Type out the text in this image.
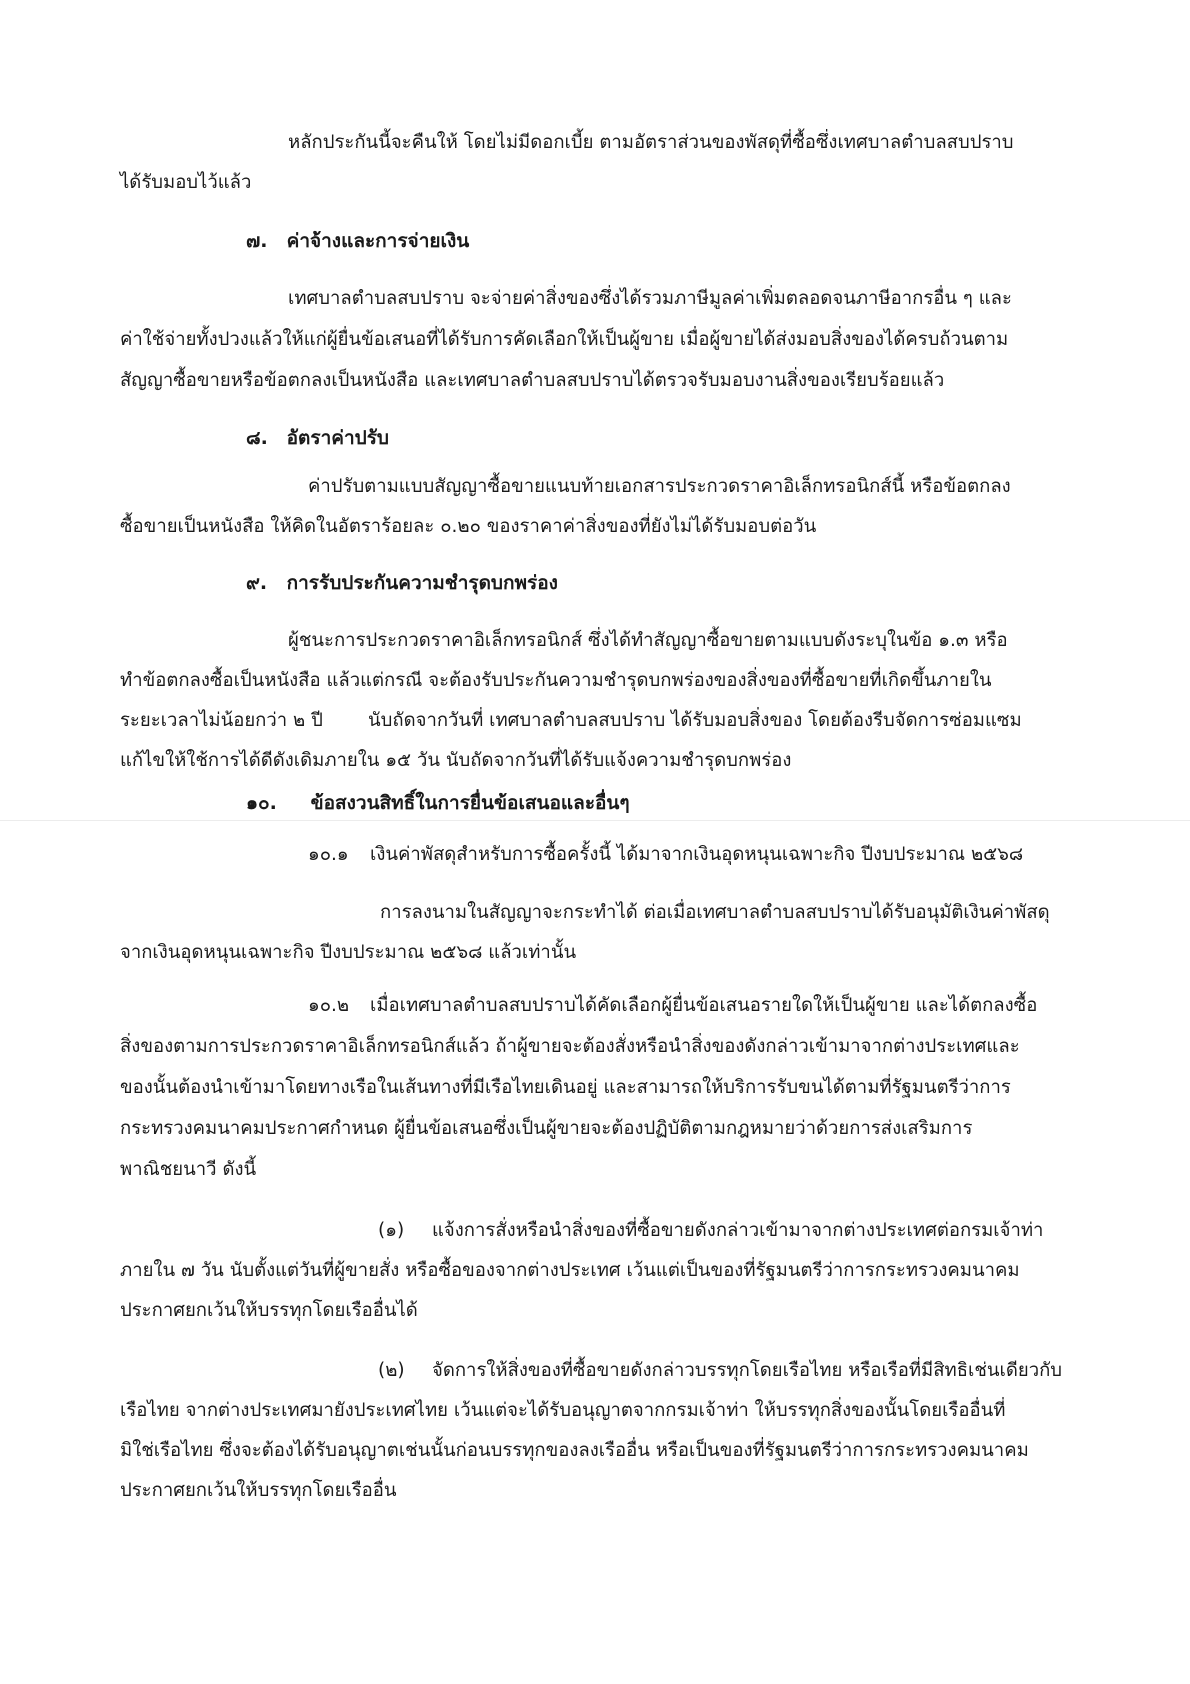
หลักประกันนี้จะคืนให้ โดยไม่มีดอกเบี้ย ตามอัตราส่วนของพัสดุที่ซื้อซึ่งเทศบาลตำบลสบปราบ
ได้รับมอบไว้แล้ว
๗. ค่าจ้างและการจ่ายเงิน
เทศบาลตำบลสบปราบ จะจ่ายค่าสิ่งของซึ่งได้รวมภาษีมูลค่าเพิ่มตลอดจนภาษีอากรอื่น ๆ และ
ค่าใช้จ่ายทั้งปวงแล้วให้แก่ผู้ยื่นข้อเสนอที่ได้รับการคัดเลือกให้เป็นผู้ขาย เมื่อผู้ขายได้ส่งมอบสิ่งของได้ครบถ้วนตาม
สัญญาซื้อขายหรือข้อตกลงเป็นหนังสือ และเทศบาลตำบลสบปราบได้ตรวจรับมอบงานสิ่งของเรียบร้อยแล้ว
๘. อัตราค่าปรับ
ค่าปรับตามแบบสัญญาซื้อขายแนบท้ายเอกสารประกวดราคาอิเล็กทรอนิกส์นี้ หรือข้อตกลง
ซื้อขายเป็นหนังสือ ให้คิดในอัตราร้อยละ ๐.๒๐ ของราคาค่าสิ่งของที่ยังไม่ได้รับมอบต่อวัน
๙. การรับประกันความชำรุดบกพร่อง
ผู้ชนะการประกวดราคาอิเล็กทรอนิกส์ ซึ่งได้ทำสัญญาซื้อขายตามแบบดังระบุในข้อ ๑.๓ หรือ
ทำข้อตกลงซื้อเป็นหนังสือ แล้วแต่กรณี จะต้องรับประกันความชำรุดบกพร่องของสิ่งของที่ซื้อขายที่เกิดขึ้นภายใน
ระยะเวลาไม่น้อยกว่า ๒ ปี นับถัดจากวันที่ เทศบาลตำบลสบปราบ ได้รับมอบสิ่งของ โดยต้องรีบจัดการซ่อมแซม
แก้ไขให้ใช้การได้ดีดังเดิมภายใน ๑๕ วัน นับถัดจากวันที่ได้รับแจ้งความชำรุดบกพร่อง
๑๐. ข้อสงวนสิทธิ์ในการยื่นข้อเสนอและอื่นๆ
๑๐.๑ เงินค่าพัสดุสำหรับการซื้อครั้งนี้ ได้มาจากเงินอุดหนุนเฉพาะกิจ ปีงบประมาณ ๒๕๖๘
การลงนามในสัญญาจะกระทำได้ ต่อเมื่อเทศบาลตำบลสบปราบได้รับอนุมัติเงินค่าพัสดุ
จากเงินอุดหนุนเฉพาะกิจ ปีงบประมาณ ๒๕๖๘ แล้วเท่านั้น
๑๐.๒ เมื่อเทศบาลตำบลสบปราบได้คัดเลือกผู้ยื่นข้อเสนอรายใดให้เป็นผู้ขาย และได้ตกลงซื้อ
สิ่งของตามการประกวดราคาอิเล็กทรอนิกส์แล้ว ถ้าผู้ขายจะต้องสั่งหรือนำสิ่งของดังกล่าวเข้ามาจากต่างประเทศและ
ของนั้นต้องนำเข้ามาโดยทางเรือในเส้นทางที่มีเรือไทยเดินอยู่ และสามารถให้บริการรับขนได้ตามที่รัฐมนตรีว่าการ
กระทรวงคมนาคมประกาศกำหนด ผู้ยื่นข้อเสนอซึ่งเป็นผู้ขายจะต้องปฏิบัติตามกฎหมายว่าด้วยการส่งเสริมการ
พาณิชยนาวี ดังนี้
(๑) แจ้งการสั่งหรือนำสิ่งของที่ซื้อขายดังกล่าวเข้ามาจากต่างประเทศต่อกรมเจ้าท่า
ภายใน ๗ วัน นับตั้งแต่วันที่ผู้ขายสั่ง หรือซื้อของจากต่างประเทศ เว้นแต่เป็นของที่รัฐมนตรีว่าการกระทรวงคมนาคม
ประกาศยกเว้นให้บรรทุกโดยเรืออื่นได้
(๒) จัดการให้สิ่งของที่ซื้อขายดังกล่าวบรรทุกโดยเรือไทย หรือเรือที่มีสิทธิเช่นเดียวกับ
เรือไทย จากต่างประเทศมายังประเทศไทย เว้นแต่จะได้รับอนุญาตจากกรมเจ้าท่า ให้บรรทุกสิ่งของนั้นโดยเรืออื่นที่
มิใช่เรือไทย ซึ่งจะต้องได้รับอนุญาตเช่นนั้นก่อนบรรทุกของลงเรืออื่น หรือเป็นของที่รัฐมนตรีว่าการกระทรวงคมนาคม
ประกาศยกเว้นให้บรรทุกโดยเรืออื่น
